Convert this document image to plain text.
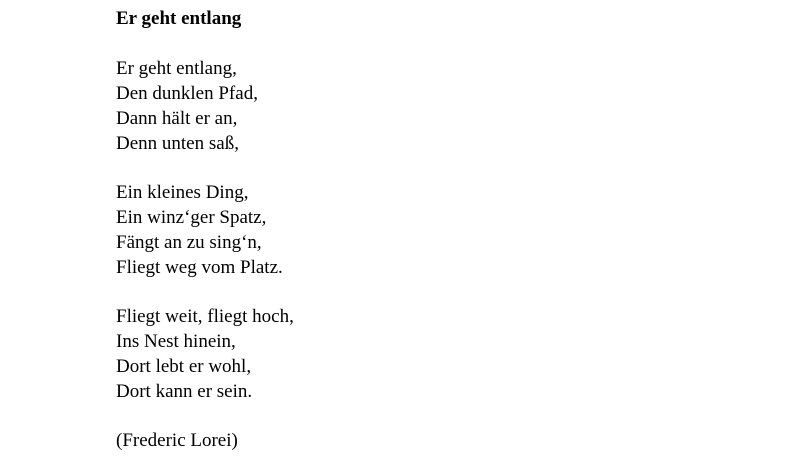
Er geht entlang
Er geht entlang,
Den dunklen Pfad,
Dann hält er an,
Denn unten saß,
Ein kleines Ding,
Ein winz‘ger Spatz,
Fängt an zu sing‘n,
Fliegt weg vom Platz.
Fliegt weit, fliegt hoch,
Ins Nest hinein,
Dort lebt er wohl,
Dort kann er sein.
(Frederic Lorei)
